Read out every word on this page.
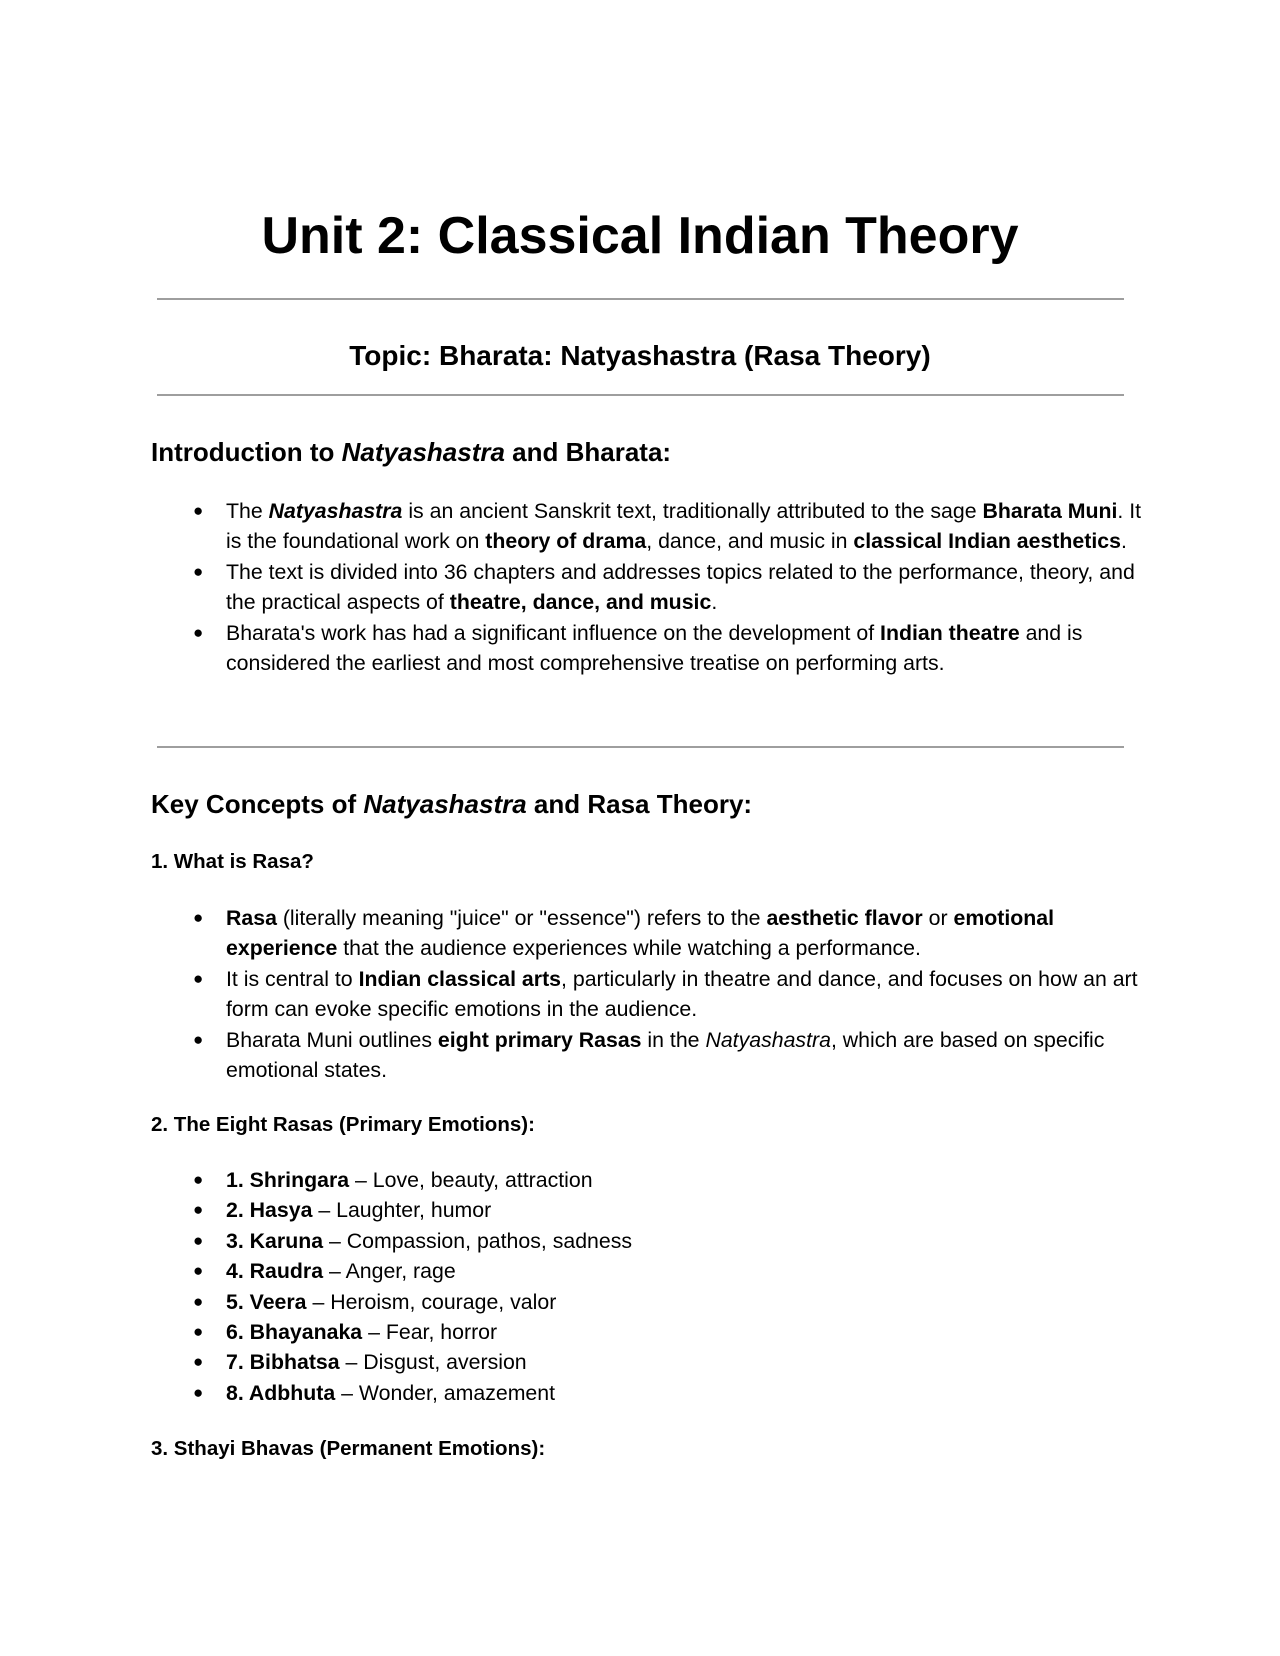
Unit 2: Classical Indian Theory
Topic: Bharata: Natyashastra (Rasa Theory)
Introduction to Natyashastra and Bharata:
● The Natyashastra is an ancient Sanskrit text, traditionally attributed to the sage Bharata Muni. It is the foundational work on theory of drama, dance, and music in classical Indian aesthetics.
● The text is divided into 36 chapters and addresses topics related to the performance, theory, and the practical aspects of theatre, dance, and music.
● Bharata's work has had a significant influence on the development of Indian theatre and is considered the earliest and most comprehensive treatise on performing arts.
Key Concepts of Natyashastra and Rasa Theory:
1. What is Rasa?
● Rasa (literally meaning "juice" or "essence") refers to the aesthetic flavor or emotional experience that the audience experiences while watching a performance.
● It is central to Indian classical arts, particularly in theatre and dance, and focuses on how an art form can evoke specific emotions in the audience.
● Bharata Muni outlines eight primary Rasas in the Natyashastra, which are based on specific emotional states.
2. The Eight Rasas (Primary Emotions):
● 1. Shringara – Love, beauty, attraction
● 2. Hasya – Laughter, humor
● 3. Karuna – Compassion, pathos, sadness
● 4. Raudra – Anger, rage
● 5. Veera – Heroism, courage, valor
● 6. Bhayanaka – Fear, horror
● 7. Bibhatsa – Disgust, aversion
● 8. Adbhuta – Wonder, amazement
3. Sthayi Bhavas (Permanent Emotions):
